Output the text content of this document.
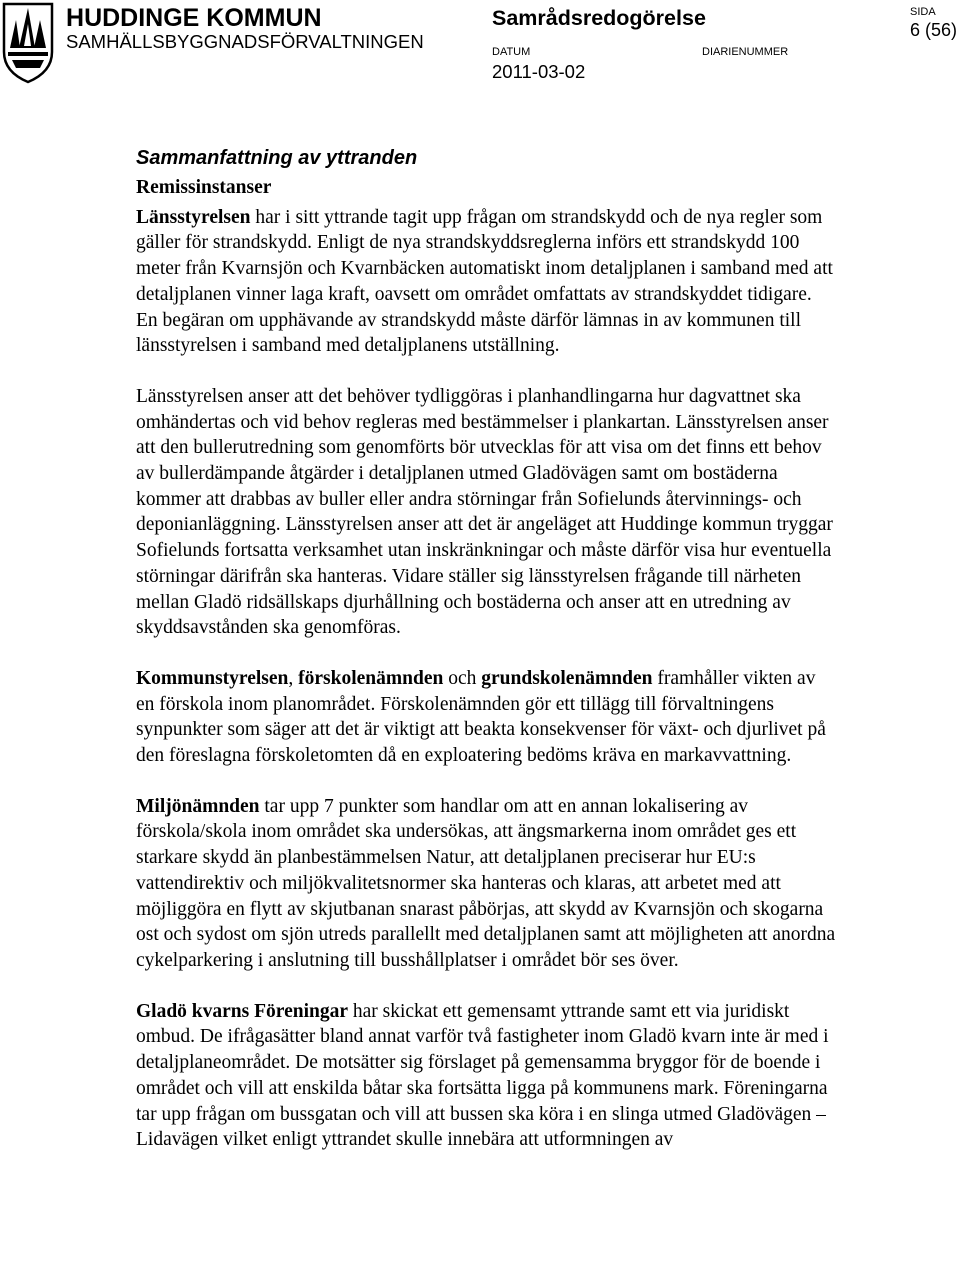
HUDDINGE KOMMUN
SAMHÄLLSBYGGNADSFÖRVALTNINGEN
Samrådsredogörelse	SIDA
6 (56)
DATUM
2011-03-02
DIARIENUMMER
Sammanfattning av yttranden
Remissinstanser

Länsstyrelsen har i sitt yttrande tagit upp frågan om strandskydd och de nya regler som gäller för strandskydd. Enligt de nya strandskyddsreglerna införs ett strandskydd 100 meter från Kvarnsjön och Kvarnbäcken automatiskt inom detaljplanen i samband med att detaljplanen vinner laga kraft, oavsett om området omfattats av strandskyddet tidigare. En begäran om upphävande av strandskydd måste därför lämnas in av kommunen till länsstyrelsen i samband med detaljplanens utställning.

Länsstyrelsen anser att det behöver tydliggöras i planhandlingarna hur dagvattnet ska omhändertas och vid behov regleras med bestämmelser i plankartan. Länsstyrelsen anser att den bullerutredning som genomförts bör utvecklas för att visa om det finns ett behov av bullerdämpande åtgärder i detaljplanen utmed Gladövägen samt om bostäderna kommer att drabbas av buller eller andra störningar från Sofielunds återvinnings- och deponianläggning. Länsstyrelsen anser att det är angeläget att Huddinge kommun tryggar Sofielunds fortsatta verksamhet utan inskränkningar och måste därför visa hur eventuella störningar därifrån ska hanteras. Vidare ställer sig länsstyrelsen frågande till närheten mellan Gladö ridsällskaps djurhållning och bostäderna och anser att en utredning av skyddsavstånden ska genomföras.

Kommunstyrelsen, förskolenämnden och grundskolenämnden framhåller vikten av en förskola inom planområdet. Förskolenämnden gör ett tillägg till förvaltningens synpunkter som säger att det är viktigt att beakta konsekvenser för växt- och djurlivet på den föreslagna förskoletomten då en exploatering bedöms kräva en markavvattning.

Miljönämnden tar upp 7 punkter som handlar om att en annan lokalisering av förskola/skola inom området ska undersökas, att ängsmarkerna inom området ges ett starkare skydd än planbestämmelsen Natur, att detaljplanen preciserar hur EU:s vattendirektiv och miljökvalitetsnormer ska hanteras och klaras, att arbetet med att möjliggöra en flytt av skjutbanan snarast påbörjas, att skydd av Kvarnsjön och skogarna ost och sydost om sjön utreds parallellt med detaljplanen samt att möjligheten att anordna cykelparkering i anslutning till busshållplatser i området bör ses över.

Gladö kvarns Föreningar har skickat ett gemensamt yttrande samt ett via juridiskt ombud. De ifrågasätter bland annat varför två fastigheter inom Gladö kvarn inte är med i detaljplaneområdet. De motsätter sig förslaget på gemensamma bryggor för de boende i området och vill att enskilda båtar ska fortsätta ligga på kommunens mark. Föreningarna tar upp frågan om bussgatan och vill att bussen ska köra i en slinga utmed Gladövägen – Lidavägen vilket enligt yttrandet skulle innebära att utformningen av
